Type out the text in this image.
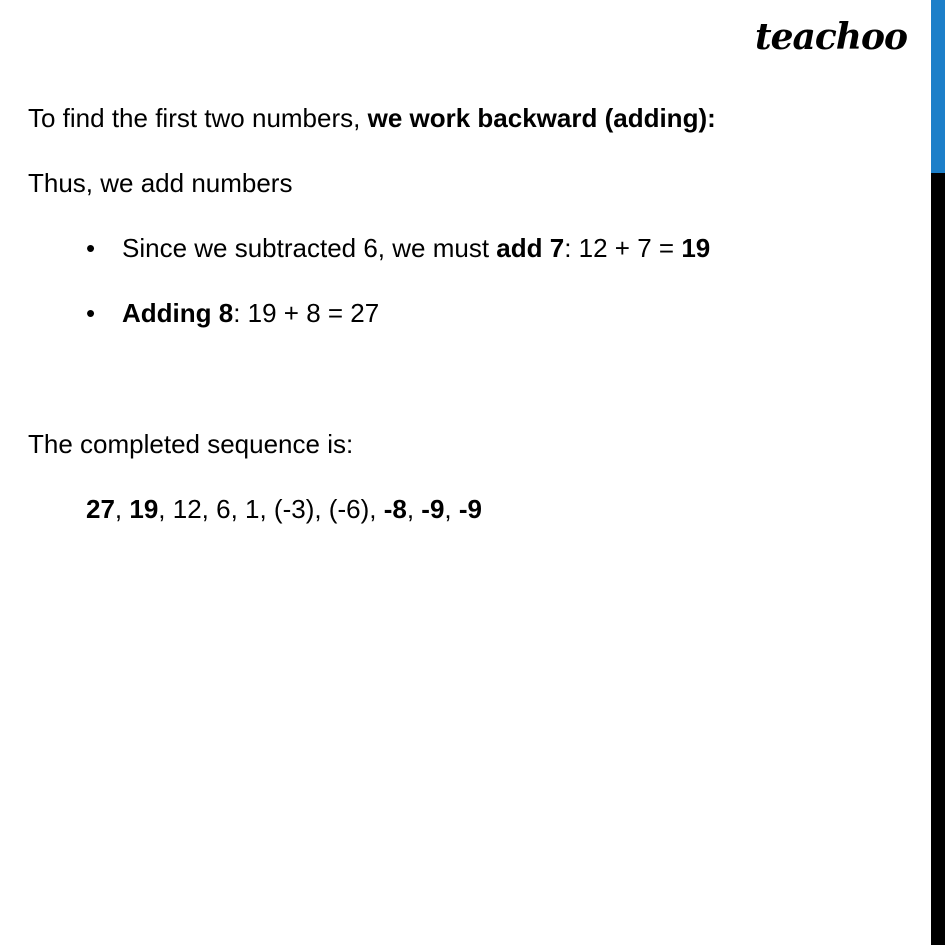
teachoo
To find the first two numbers, we work backward (adding):
Thus, we add numbers
• Since we subtracted 6, we must add 7: 12 + 7 = 19
• Adding 8: 19 + 8 = 27
The completed sequence is:
27, 19, 12, 6, 1, (-3), (-6), -8, -9, -9
